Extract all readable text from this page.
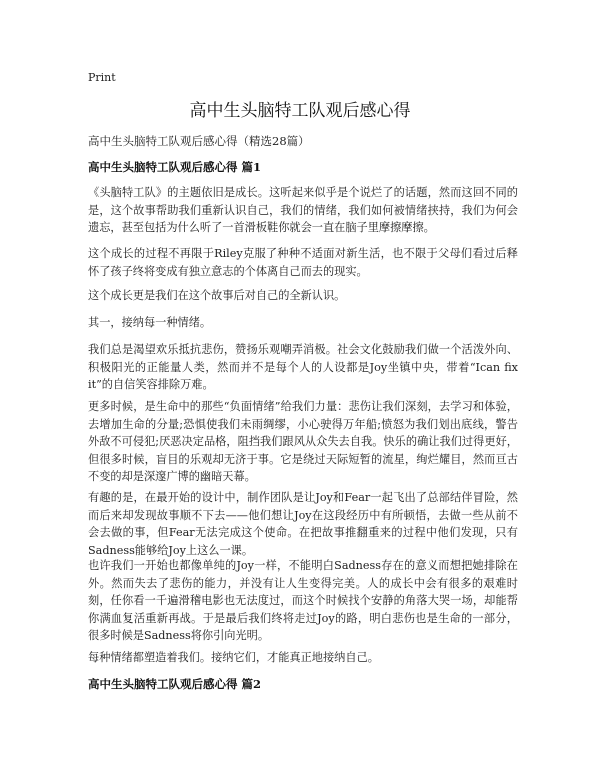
Print
高中生头脑特工队观后感心得
高中生头脑特工队观后感心得（精选28篇）
高中生头脑特工队观后感心得 篇1

《头脑特工队》的主题依旧是成长。这听起来似乎是个说烂了的话题，然而这回不同的是，这个故事帮助我们重新认识自己，我们的情绪，我们如何被情绪挟持，我们为何会遗忘，甚至包括为什么听了一首滑板鞋你就会一直在脑子里摩擦摩擦。

这个成长的过程不再限于Riley克服了种种不适面对新生活，也不限于父母们看过后释怀了孩子终将变成有独立意志的个体离自己而去的现实。

这个成长更是我们在这个故事后对自己的全新认识。

其一，接纳每一种情绪。

我们总是渴望欢乐抵抗悲伤，赞扬乐观嘲弄消极。社会文化鼓励我们做一个活泼外向、积极阳光的正能量人类，然而并不是每个人的人设都是Joy坐镇中央，带着“Ican fix it”的自信笑容排除万难。

更多时候，是生命中的那些“负面情绪”给我们力量：悲伤让我们深刻，去学习和体验，去增加生命的分量;恐惧使我们未雨绸缪，小心驶得万年船;愤怒为我们划出底线，警告外敌不可侵犯;厌恶决定品格，阻挡我们跟风从众失去自我。快乐的确让我们过得更好，但很多时候，盲目的乐观却无济于事。它是绕过天际短暂的流星，绚烂耀目，然而亘古不变的却是深邃广博的幽暗天幕。

有趣的是，在最开始的设计中，制作团队是让Joy和Fear一起飞出了总部结伴冒险，然而后来却发现故事顺不下去——他们想让Joy在这段经历中有所顿悟，去做一些从前不会去做的事，但Fear无法完成这个使命。在把故事推翻重来的过程中他们发现，只有Sadness能够给Joy上这么一课。

也许我们一开始也都像单纯的Joy一样，不能明白Sadness存在的意义而想把她排除在外。然而失去了悲伤的能力，并没有让人生变得完美。人的成长中会有很多的艰难时刻，任你看一千遍滑稽电影也无法度过，而这个时候找个安静的角落大哭一场，却能帮你满血复活重新再战。于是最后我们终将走过Joy的路，明白悲伤也是生命的一部分，很多时候是Sadness将你引向光明。

每种情绪都塑造着我们。接纳它们，才能真正地接纳自己。

高中生头脑特工队观后感心得 篇2
